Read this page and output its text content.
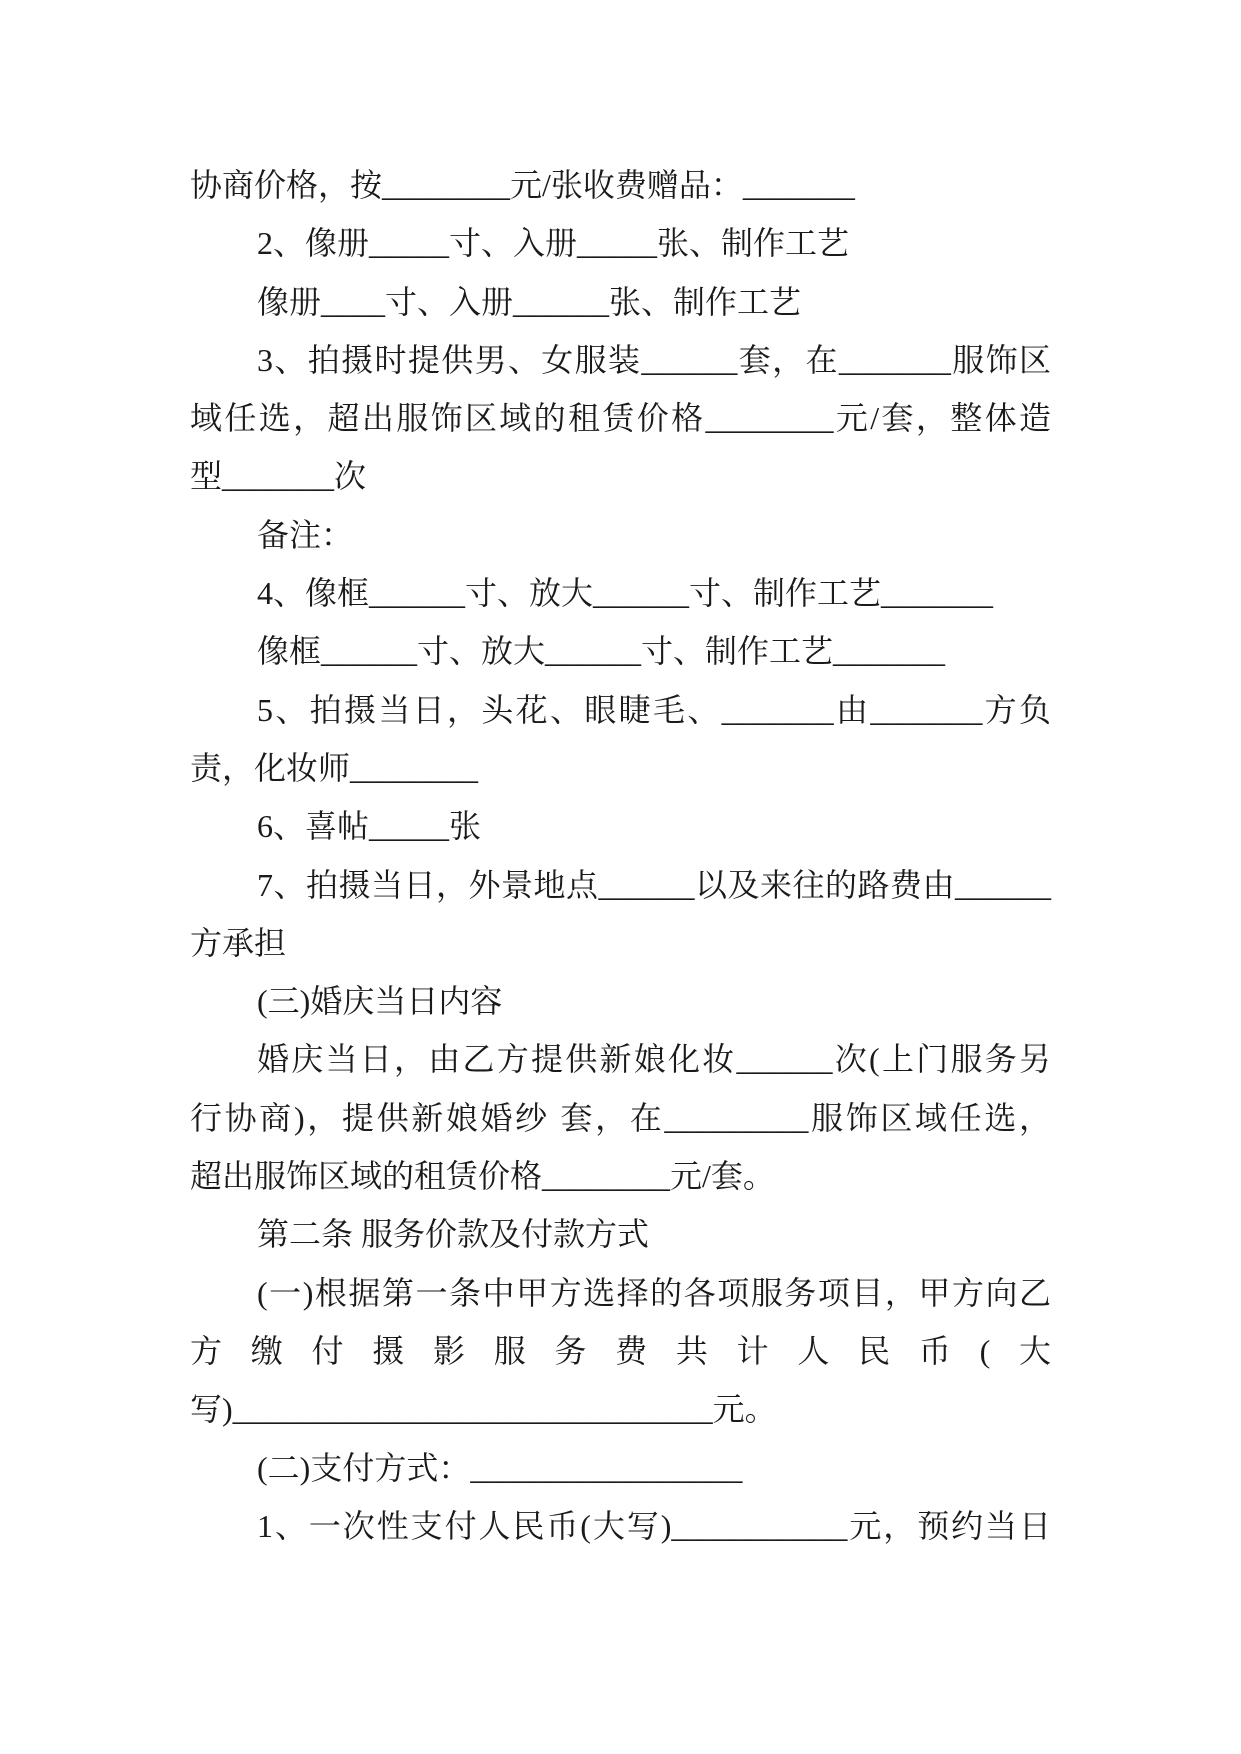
协商价格，按________元/张收费赠品：_______
2、像册_____寸、入册_____张、制作工艺
像册____寸、入册______张、制作工艺
3、拍摄时提供男、女服装______套，在_______服饰区
域任选，超出服饰区域的租赁价格________元/套，整体造
型_______次
备注：
4、像框______寸、放大______寸、制作工艺_______
像框______寸、放大______寸、制作工艺_______
5、拍摄当日，头花、眼睫毛、_______由_______方负
责，化妆师________
6、喜帖_____张
7、拍摄当日，外景地点______以及来往的路费由______
方承担
(三)婚庆当日内容
婚庆当日，由乙方提供新娘化妆______次(上门服务另
行协商)，提供新娘婚纱 套，在_________服饰区域任选，
超出服饰区域的租赁价格________元/套。
第二条 服务价款及付款方式
(一)根据第一条中甲方选择的各项服务项目，甲方向乙
方缴付摄影服务费共计人民币(大
写)______________________________元。
(二)支付方式：_________________
1、一次性支付人民币(大写)___________元，预约当日
